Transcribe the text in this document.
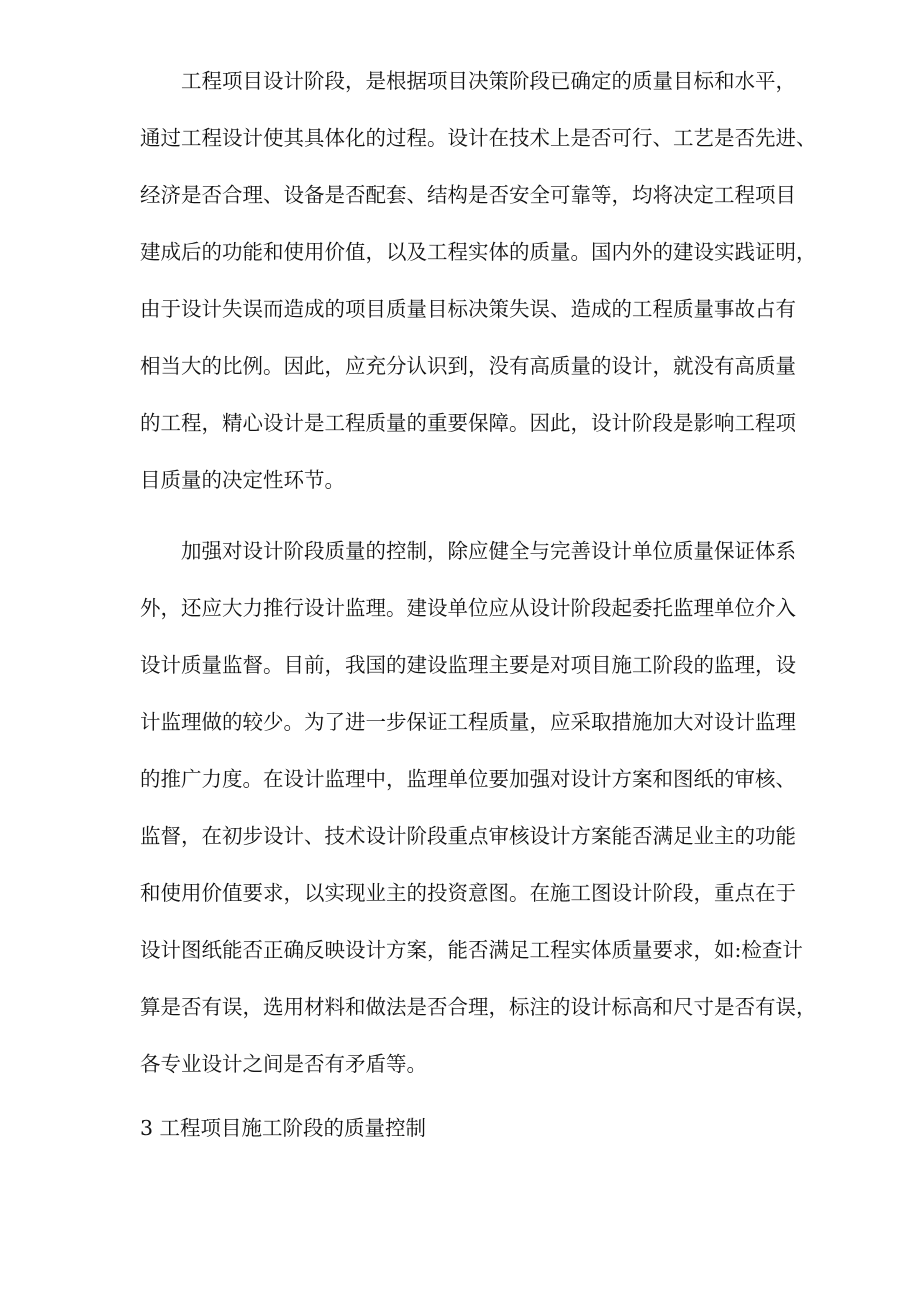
工程项目设计阶段，是根据项目决策阶段已确定的质量目标和水平，
通过工程设计使其具体化的过程。设计在技术上是否可行、工艺是否先进、
经济是否合理、设备是否配套、结构是否安全可靠等，均将决定工程项目
建成后的功能和使用价值，以及工程实体的质量。国内外的建设实践证明，
由于设计失误而造成的项目质量目标决策失误、造成的工程质量事故占有
相当大的比例。因此，应充分认识到，没有高质量的设计，就没有高质量
的工程，精心设计是工程质量的重要保障。因此，设计阶段是影响工程项
目质量的决定性环节。
加强对设计阶段质量的控制，除应健全与完善设计单位质量保证体系
外，还应大力推行设计监理。建设单位应从设计阶段起委托监理单位介入
设计质量监督。目前，我国的建设监理主要是对项目施工阶段的监理，设
计监理做的较少。为了进一步保证工程质量，应采取措施加大对设计监理
的推广力度。在设计监理中，监理单位要加强对设计方案和图纸的审核、
监督，在初步设计、技术设计阶段重点审核设计方案能否满足业主的功能
和使用价值要求，以实现业主的投资意图。在施工图设计阶段，重点在于
设计图纸能否正确反映设计方案，能否满足工程实体质量要求，如:检查计
算是否有误，选用材料和做法是否合理，标注的设计标高和尺寸是否有误，
各专业设计之间是否有矛盾等。
3 工程项目施工阶段的质量控制
